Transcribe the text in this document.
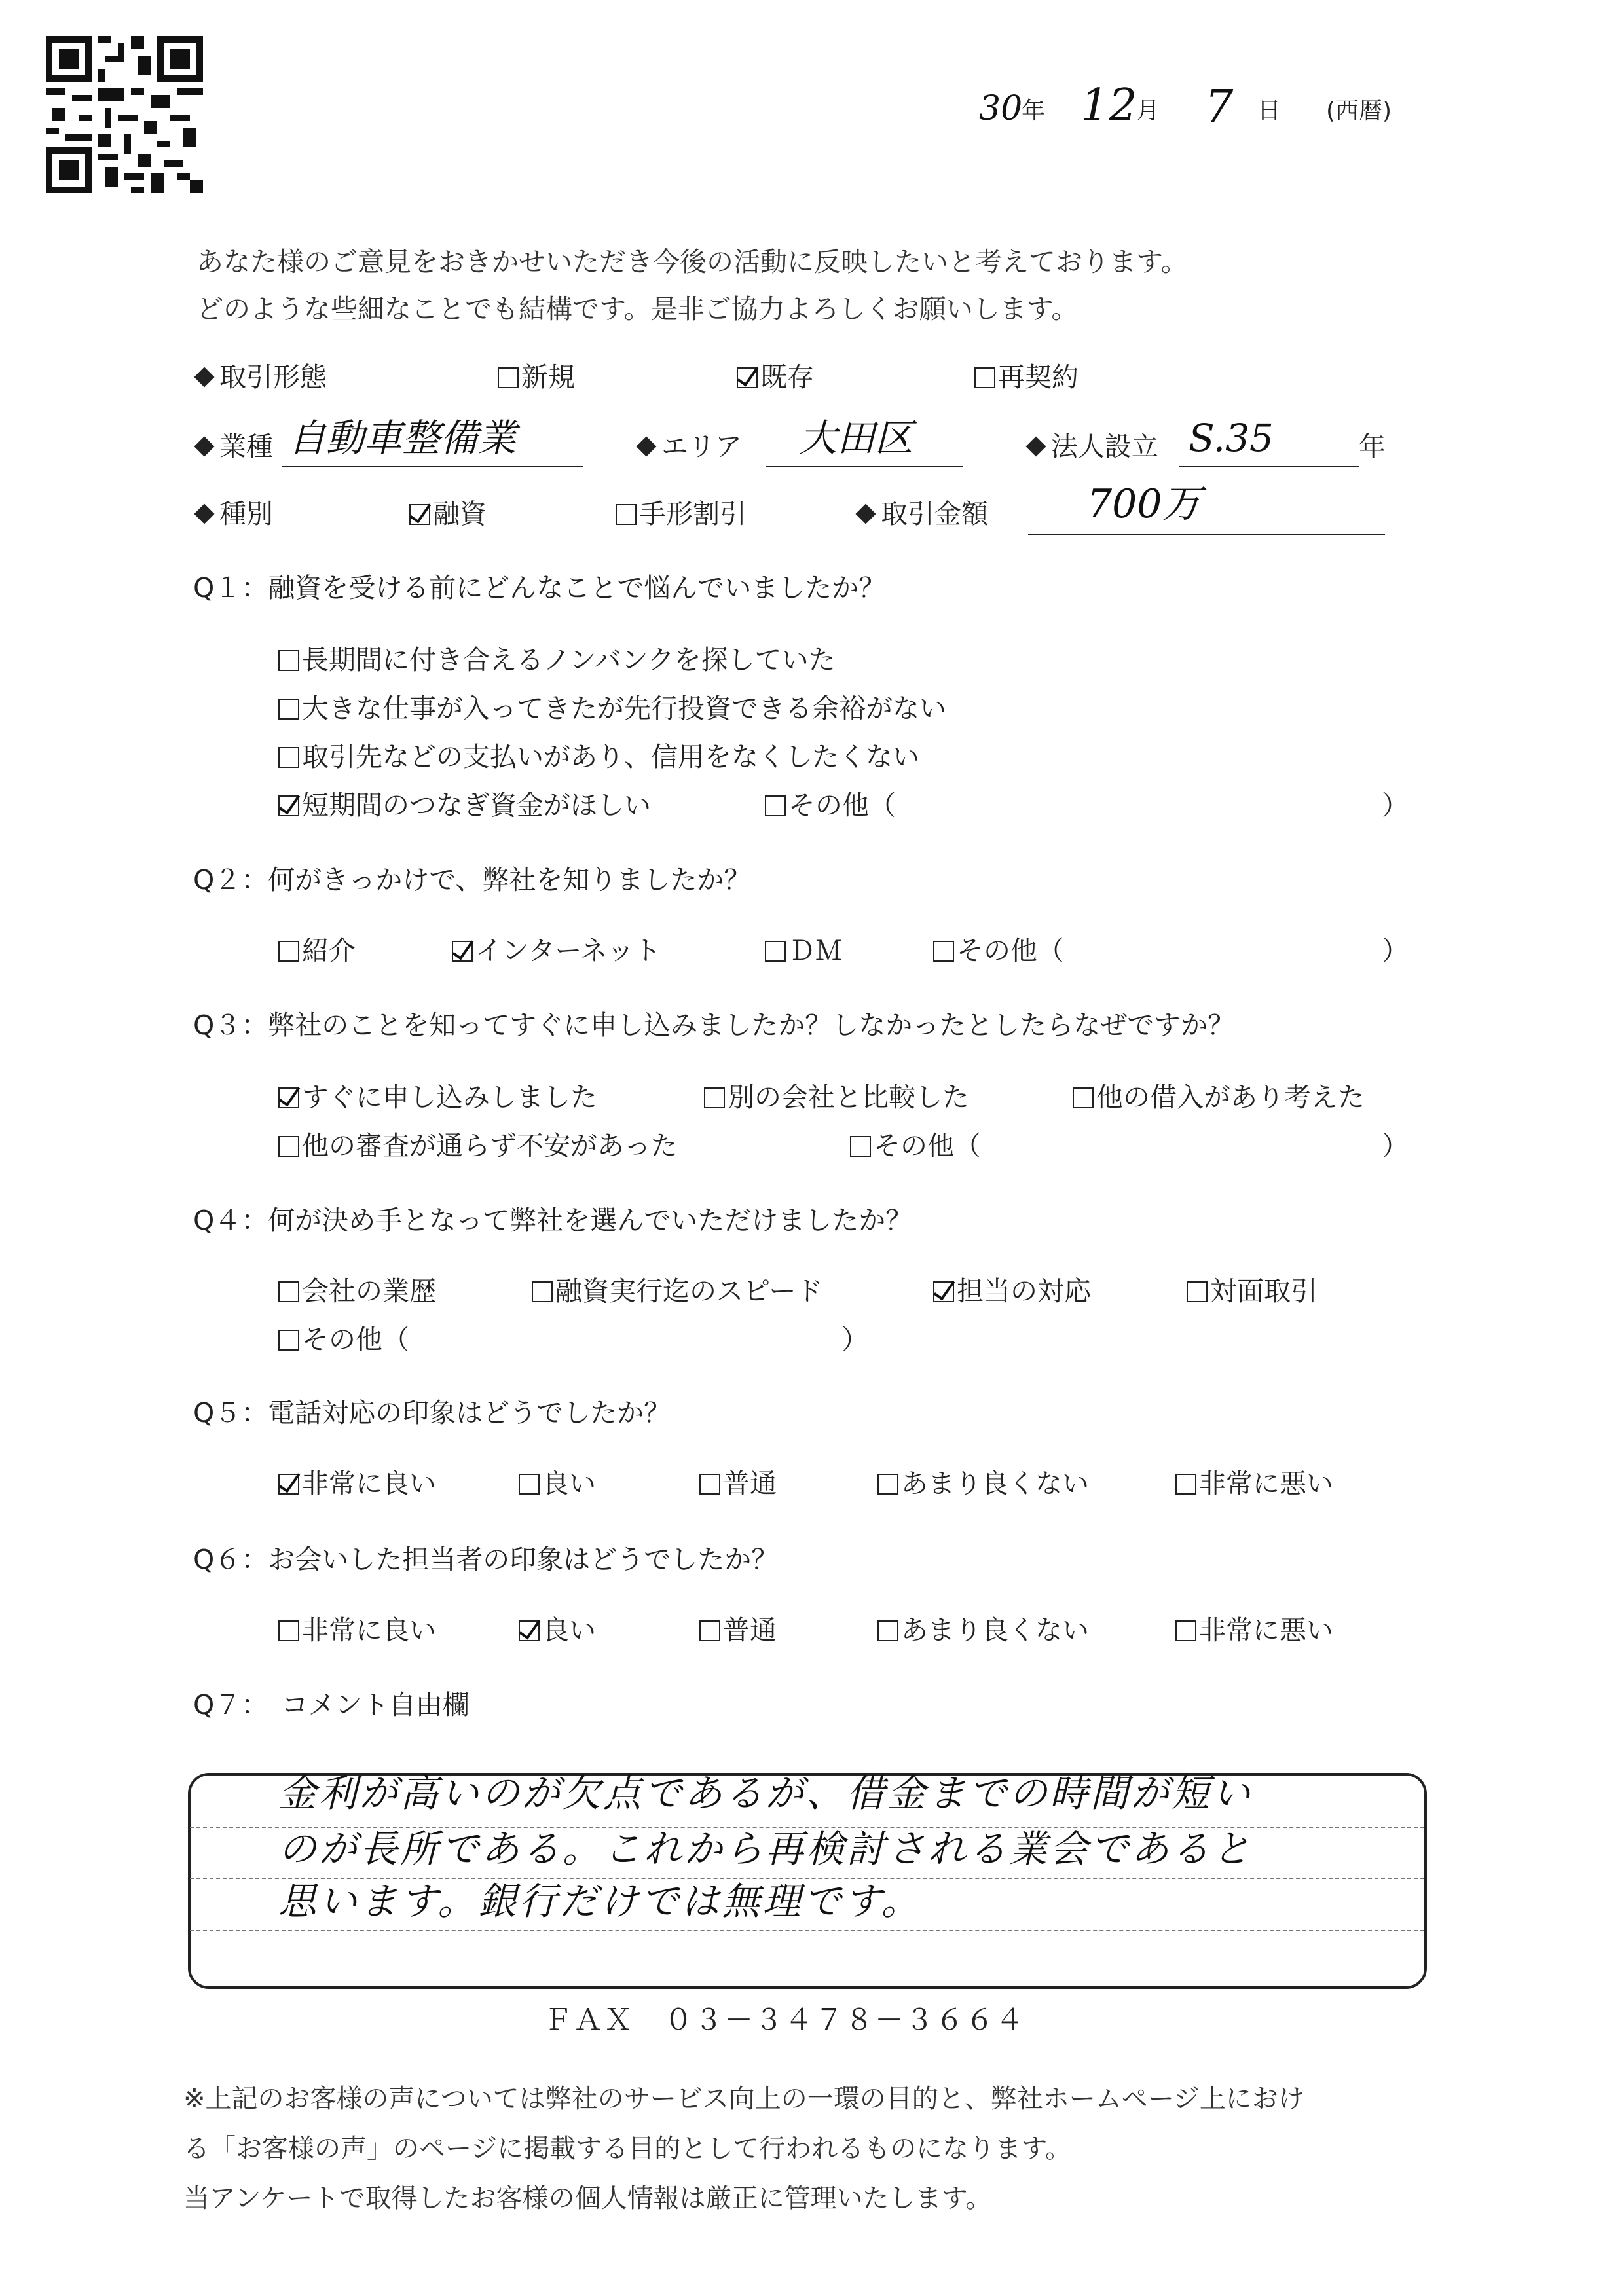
30
年 12
月 7 日 (西暦)
あなた様のご意見をおきかせいただき今後の活動に反映したいと考えております。
どのような些細なことでも結構です。是非ご協力よろしくお願いします。
取引形態	新規	既存	再契約
業種 自動車整備業	エリア 大田区	法人設立 S.35	年
種別	融資	手形割引	取引金額	700万
Q１：融資を受ける前にどんなことで悩んでいましたか？
長期間に付き合えるノンバンクを探していた
大きな仕事が入ってきたが先行投資できる余裕がない
取引先などの支払いがあり、信用をなくしたくない
短期間のつなぎ資金がほしい	その他（	）
Q２：何がきっかけで、弊社を知りましたか？
紹介	インターネット	ＤＭ	その他（	）
Q３：弊社のことを知ってすぐに申し込みましたか？しなかったとしたらなぜですか？
すぐに申し込みしました	別の会社と比較した	他の借入があり考えた
他の審査が通らず不安があった	その他（	）
Q４：何が決め手となって弊社を選んでいただけましたか？
会社の業歴	融資実行迄のスピード	担当の対応	対面取引
その他（	）
Q５：電話対応の印象はどうでしたか？
非常に良い	良い	普通	あまり良くない	非常に悪い
Q６：お会いした担当者の印象はどうでしたか？
非常に良い	良い	普通	あまり良くない	非常に悪い
Q７：　コメント自由欄
金利が高いのが欠点であるが、借金までの時間が短い
のが長所である。これから再検討される業会であると
思います。銀行だけでは無理です。
ＦＡＸ　０３－３４７８－３６６４
※上記のお客様の声については弊社のサービス向上の一環の目的と、弊社ホームページ上におけ
る「お客様の声」のページに掲載する目的として行われるものになります。
当アンケートで取得したお客様の個人情報は厳正に管理いたします。
